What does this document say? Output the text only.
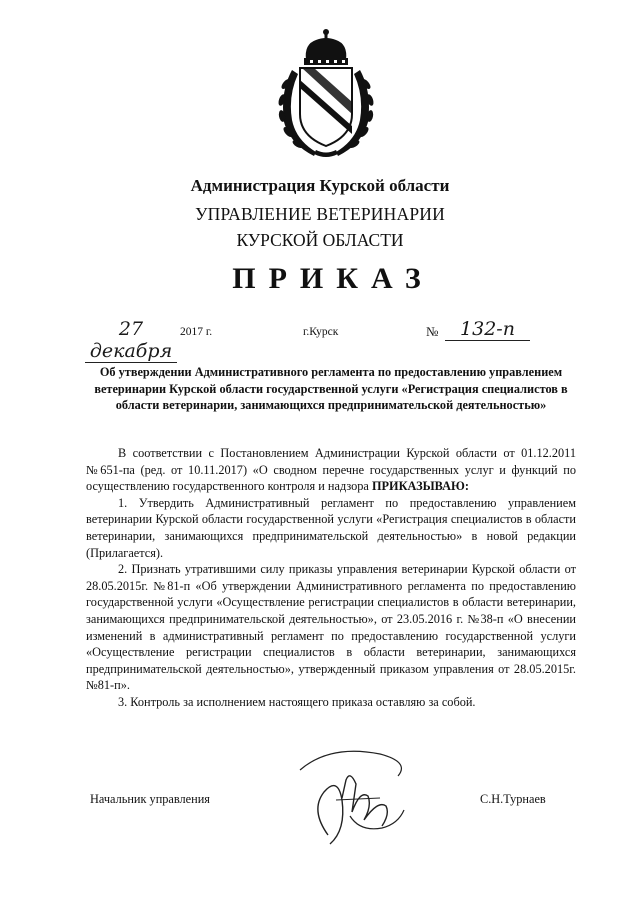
Администрация Курской области
УПРАВЛЕНИЕ ВЕТЕРИНАРИИ
КУРСКОЙ ОБЛАСТИ
ПРИКАЗ
27 декабря
2017 г.	г.Курск	№	132-п
Об утверждении Административного регламента по предоставлению управлением ветеринарии Курской области государственной услуги «Регистрация специалистов в области ветеринарии, занимающихся предпринимательской деятельностью»

В соответствии с Постановлением Администрации Курской области от 01.12.2011 №651-па (ред. от 10.11.2017) «О сводном перечне государственных услуг и функций по осуществлению государственного контроля и надзора ПРИКАЗЫВАЮ:

1. Утвердить Административный регламент по предоставлению управлением ветеринарии Курской области государственной услуги «Регистрация специалистов в области ветеринарии, занимающихся предпринимательской деятельностью» в новой редакции (Прилагается).

2. Признать утратившими силу приказы управления ветеринарии Курской области от 28.05.2015г. №81-п «Об утверждении Административного регламента по предоставлению государственной услуги «Осуществление регистрации специалистов в области ветеринарии, занимающихся предпринимательской деятельностью», от 23.05.2016 г. №38-п «О внесении изменений в административный регламент по предоставлению государственной услуги «Осуществление регистрации специалистов в области ветеринарии, занимающихся предпринимательской деятельностью», утвержденный приказом управления от 28.05.2015г. №81-п».

3. Контроль за исполнением настоящего приказа оставляю за собой.

Начальник управления	С.Н.Турнаев
